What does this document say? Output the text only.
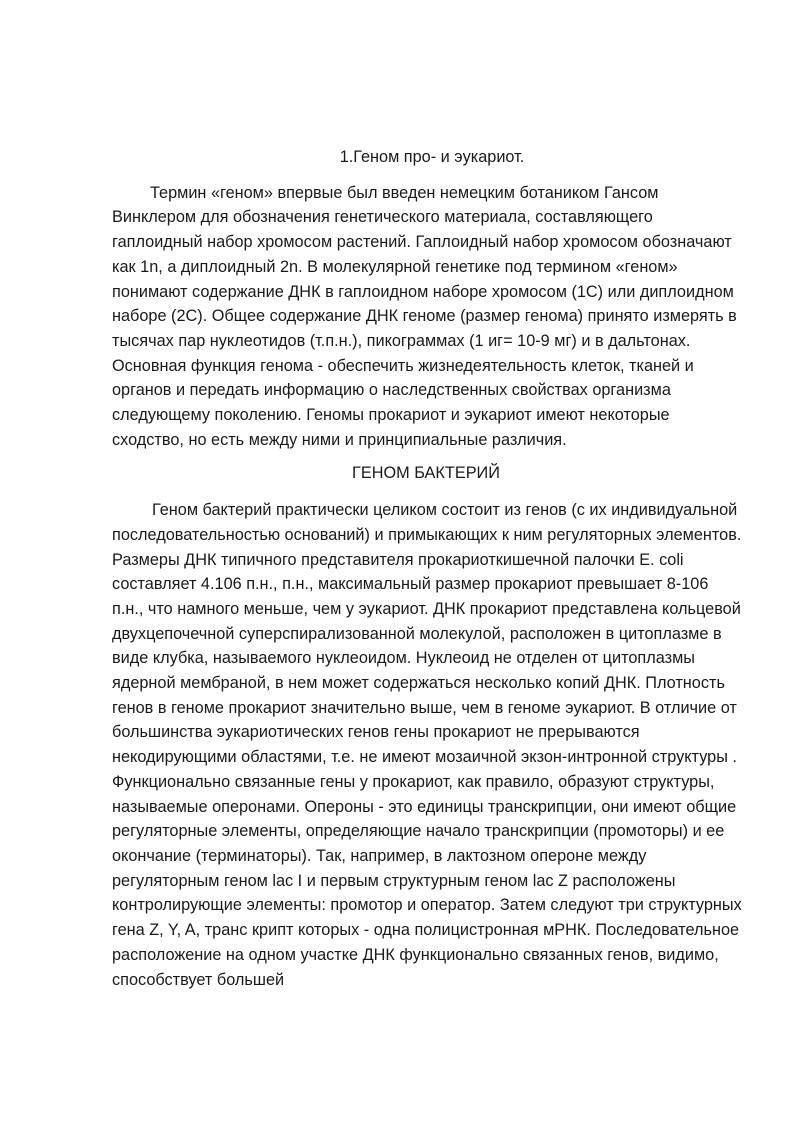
1.Геном про- и эукариот.

Термин «геном» впервые был введен немецким ботаником Гансом Винклером для обозначения генетического материала, составляющего гаплоидный набор хромосом растений. Гаплоидный набор хромосом обозначают как 1n, а диплоидный 2n. В молекулярной генетике под термином «геном» понимают содержание ДНК в гаплоидном наборе хромосом (1С) или диплоидном наборе (2С). Общее содержание ДНК геноме (размер генома) принято измерять в тысячах пар нуклеотидов (т.п.н.), пикограммах (1 иг= 10-9 мг) и в дальтонах. Основная функция генома - обеспечить жизнедеятельность клеток, тканей и органов и передать информацию о наследственных свойствах организма следующему поколению. Геномы прокариот и эукариот имеют некоторые сходство, но есть между ними и принципиальные различия.

ГЕНОМ БАКТЕРИЙ

Геном бактерий практически целиком состоит из генов (с их индивидуальной последовательностью оснований) и примыкающих к ним регуляторных элементов. Размеры ДНК типичного представителя прокариоткишечной палочки E. coli составляет 4.106 п.н., п.н., максимальный размер прокариот превышает 8-106 п.н., что намного меньше, чем у эукариот. ДНК прокариот представлена кольцевой двухцепочечной суперспирализованной молекулой, расположен в цитоплазме в виде клубка, называемого нуклеоидом. Нуклеоид не отделен от цитоплазмы ядерной мембраной, в нем может содержаться несколько копий ДНК. Плотность генов в геноме прокариот значительно выше, чем в геноме эукариот. В отличие от большинства эукариотических генов гены прокариот не прерываются некодирующими областями, т.е. не имеют мозаичной экзон-интронной структуры . Функционально связанные гены у прокариот, как правило, образуют структуры, называемые оперонами. Опероны - это единицы транскрипции, они имеют общие регуляторные элементы, определяющие начало транскрипции (промоторы) и ее окончание (терминаторы). Так, например, в лактозном опероне между регуляторным геном lac I и первым структурным геном lac Z расположены контролирующие элементы: промотор и оператор. Затем следуют три структурных гена Z, Y, A, транс крипт которых - одна полицистронная мРНК. Последовательное расположение на одном участке ДНК функционально связанных генов, видимо, способствует большей
